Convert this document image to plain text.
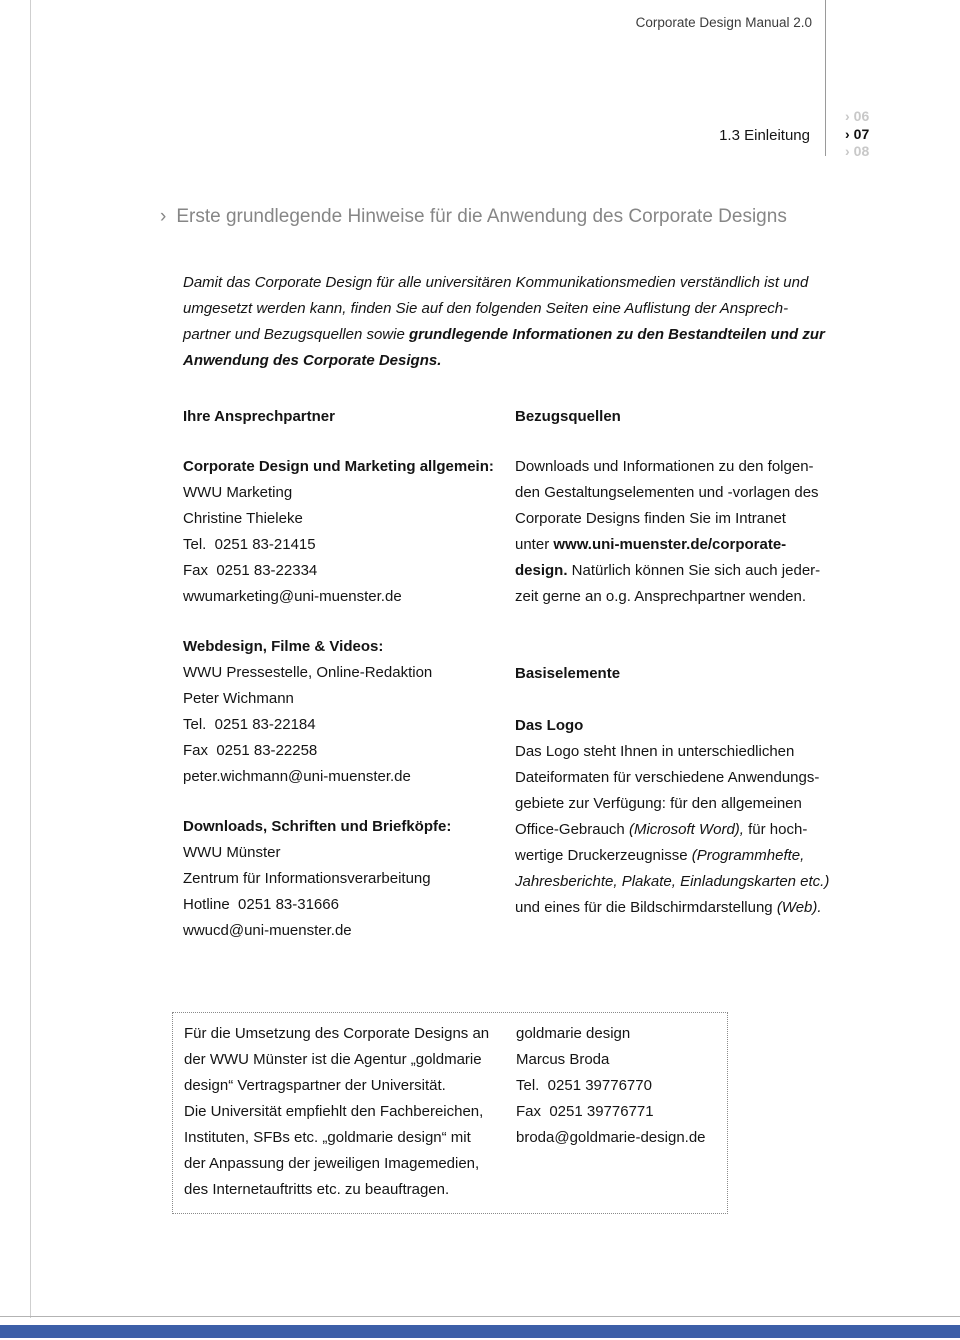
Corporate Design Manual 2.0
1.3 Einleitung
› 06
› 07
› 08
› Erste grundlegende Hinweise für die Anwendung des Corporate Designs
Damit das Corporate Design für alle universitären Kommunikationsmedien verständlich ist und
umgesetzt werden kann, finden Sie auf den folgenden Seiten eine Auflistung der Ansprech-
partner und Bezugsquellen sowie grundlegende Informationen zu den Bestandteilen und zur
Anwendung des Corporate Designs.
Ihre Ansprechpartner
Corporate Design und Marketing allgemein:
WWU Marketing
Christine Thieleke
Tel.  0251 83-21415
Fax  0251 83-22334
wwumarketing@uni-muenster.de
Webdesign, Filme & Videos:
WWU Pressestelle, Online-Redaktion
Peter Wichmann
Tel.  0251 83-22184
Fax  0251 83-22258
peter.wichmann@uni-muenster.de
Downloads, Schriften und Briefköpfe:
WWU Münster
Zentrum für Informationsverarbeitung
Hotline  0251 83-31666
wwucd@uni-muenster.de
Bezugsquellen
Downloads und Informationen zu den folgen-
den Gestaltungselementen und -vorlagen des
Corporate Designs finden Sie im Intranet
unter www.uni-muenster.de/corporate-
design. Natürlich können Sie sich auch jeder-
zeit gerne an o.g. Ansprechpartner wenden.
Basiselemente
Das Logo
Das Logo steht Ihnen in unterschiedlichen
Dateiformaten für verschiedene Anwendungs-
gebiete zur Verfügung: für den allgemeinen
Office-Gebrauch (Microsoft Word), für hoch-
wertige Druckerzeugnisse (Programmhefte,
Jahresberichte, Plakate, Einladungskarten etc.)
und eines für die Bildschirmdarstellung (Web).
Für die Umsetzung des Corporate Designs an
der WWU Münster ist die Agentur „goldmarie
design“ Vertragspartner der Universität.
Die Universität empfiehlt den Fachbereichen,
Instituten, SFBs etc. „goldmarie design“ mit
der Anpassung der jeweiligen Imagemedien,
des Internetauftritts etc. zu beauftragen.
goldmarie design
Marcus Broda
Tel.  0251 39776770
Fax  0251 39776771
broda@goldmarie-design.de
